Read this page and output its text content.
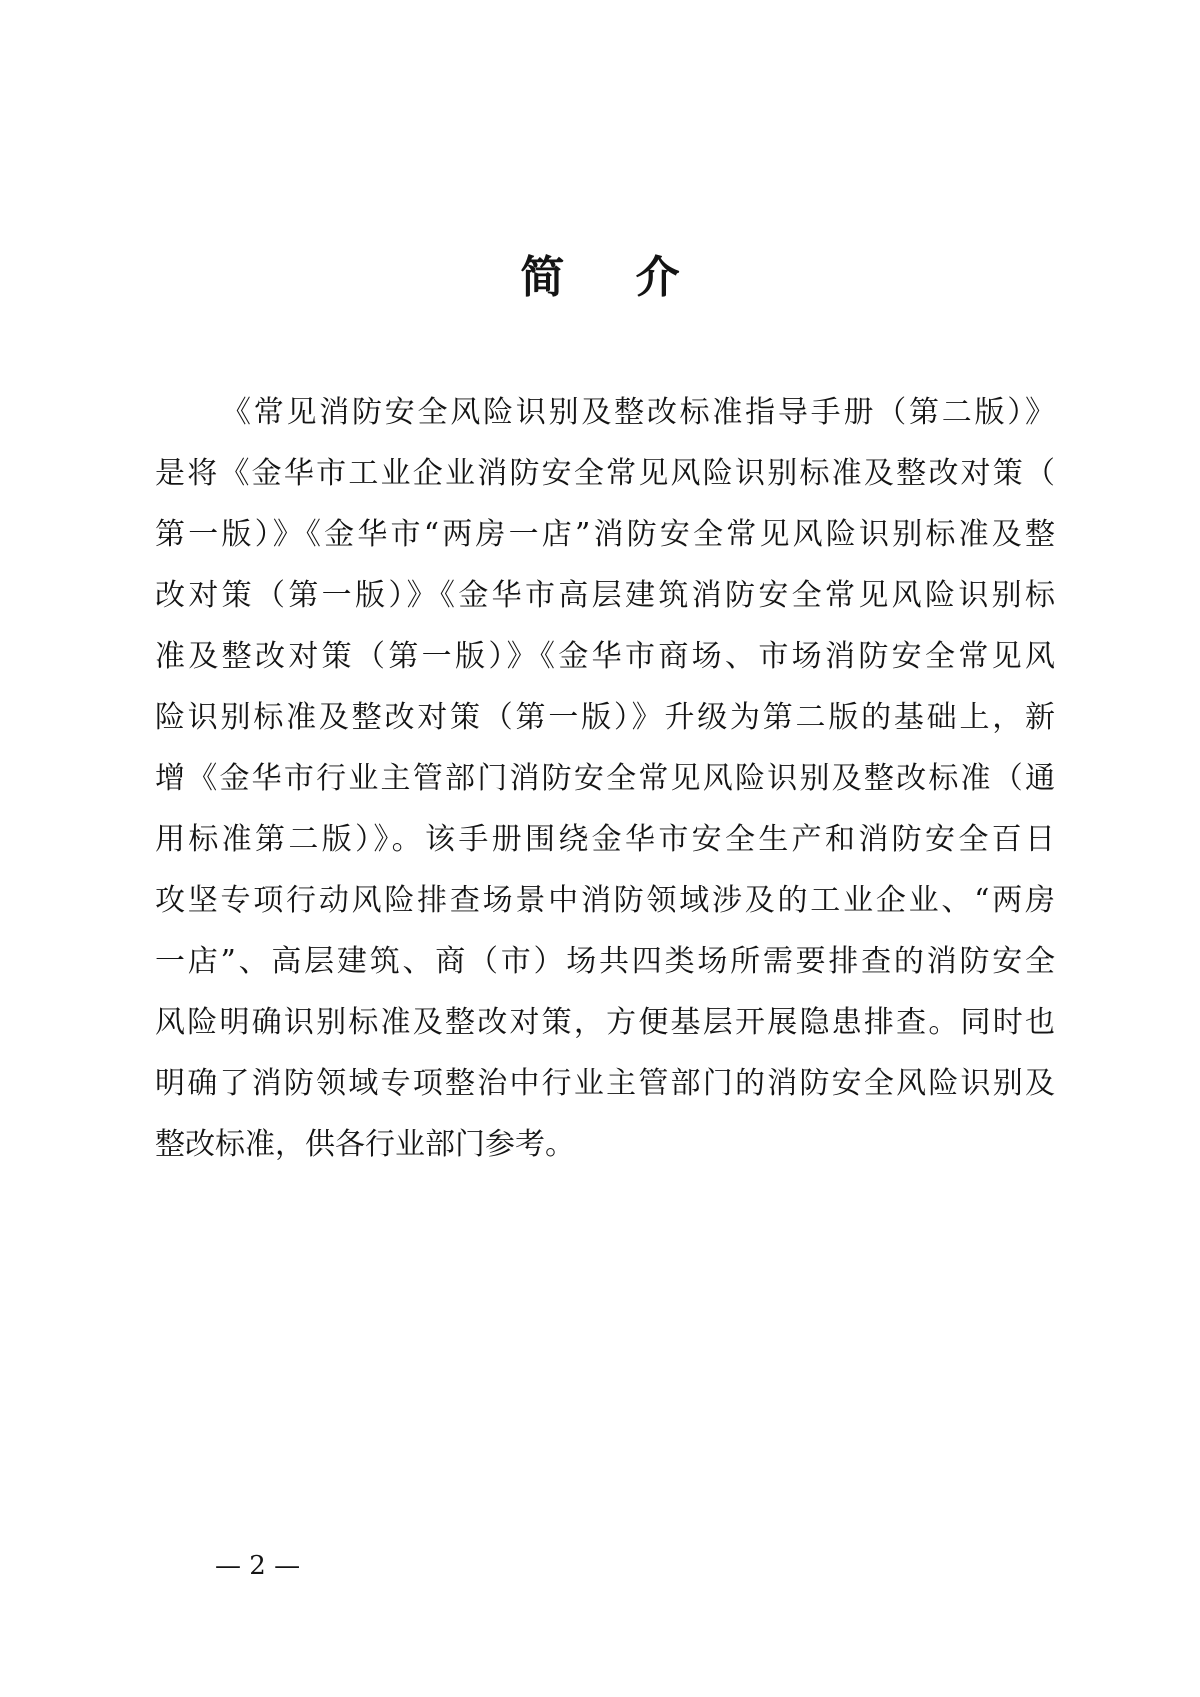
简 介
《常见消防安全风险识别及整改标准指导手册（第二版）》
是将《金华市工业企业消防安全常见风险识别标准及整改对策（
第一版）》《金华市“两房一店”消防安全常见风险识别标准及整
改对策（第一版）》《金华市高层建筑消防安全常见风险识别标
准及整改对策（第一版）》《金华市商场、市场消防安全常见风
险识别标准及整改对策（第一版）》升级为第二版的基础上，新
增《金华市行业主管部门消防安全常见风险识别及整改标准（通
用标准第二版）》。该手册围绕金华市安全生产和消防安全百日
攻坚专项行动风险排查场景中消防领域涉及的工业企业、“两房
一店”、高层建筑、商（市）场共四类场所需要排查的消防安全
风险明确识别标准及整改对策，方便基层开展隐患排查。同时也
明确了消防领域专项整治中行业主管部门的消防安全风险识别及
整改标准，供各行业部门参考。
— 2 —
